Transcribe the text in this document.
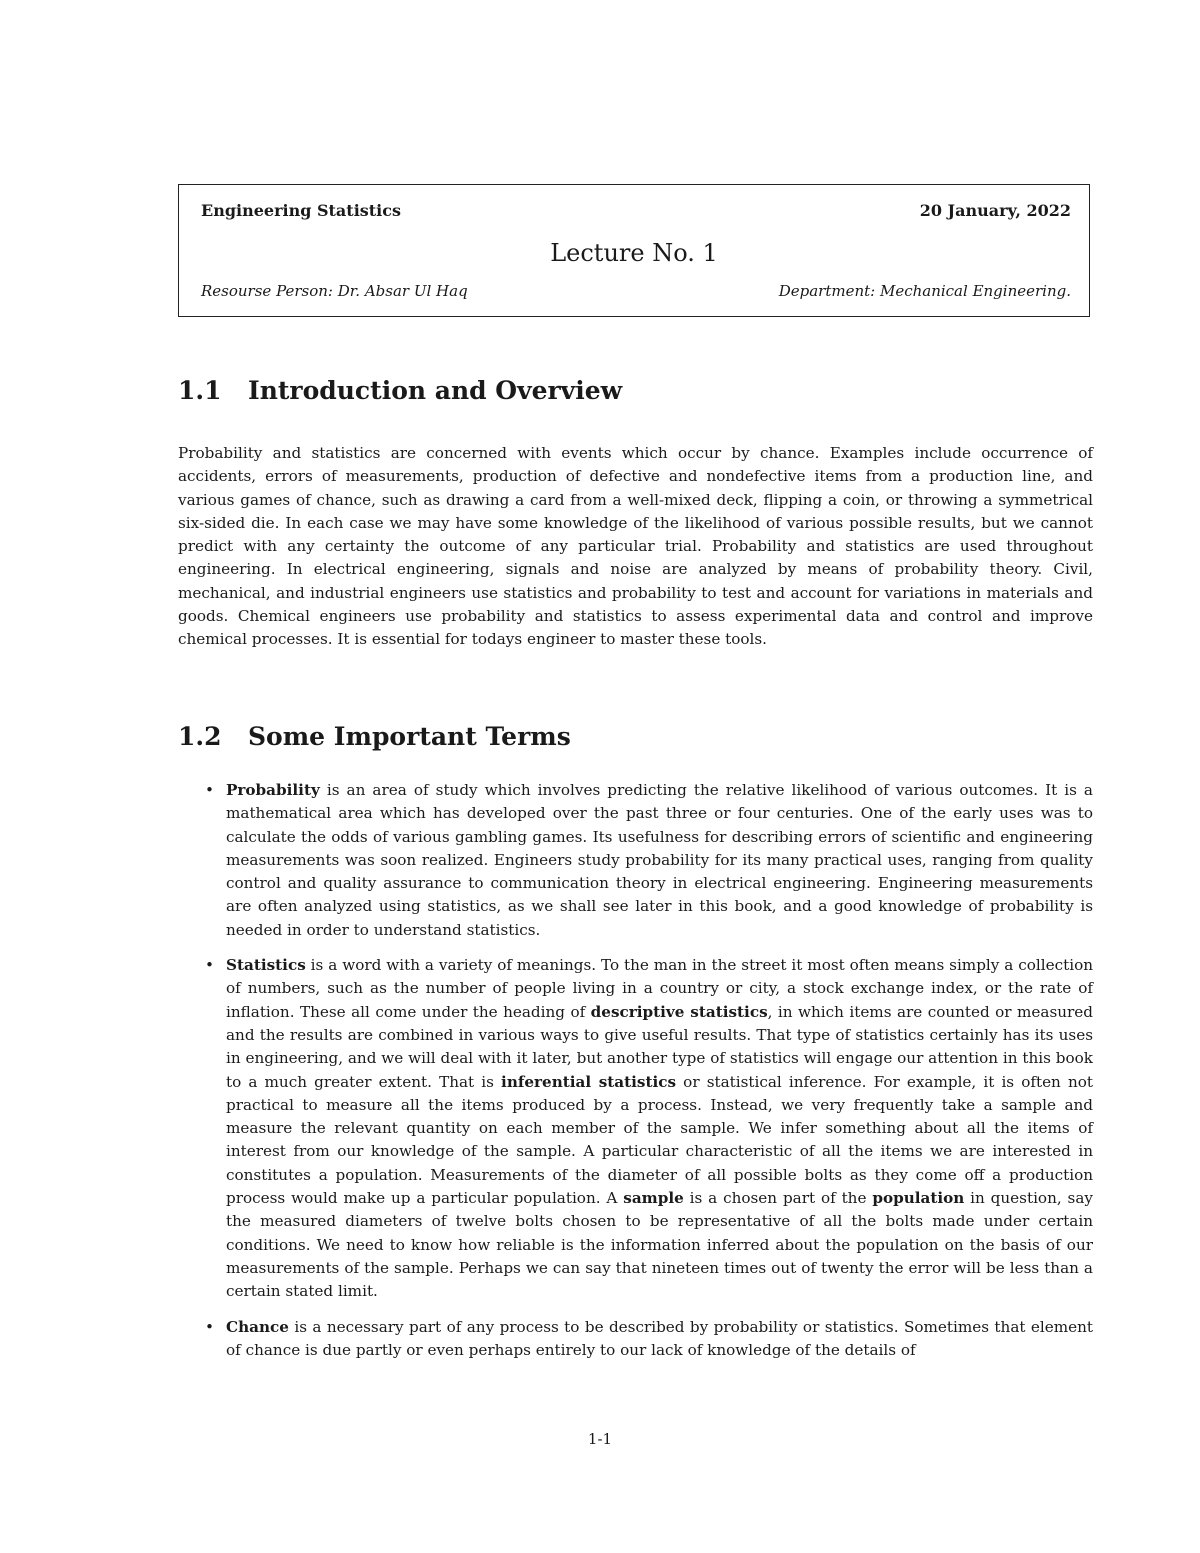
Engineering Statistics	20 January, 2022
Lecture No. 1
Resourse Person: Dr. Absar Ul Haq	Department: Mechanical Engineering.
1.1 Introduction and Overview

Probability and statistics are concerned with events which occur by chance. Examples include occurrence of accidents, errors of measurements, production of defective and nondefective items from a production line, and various games of chance, such as drawing a card from a well-mixed deck, flipping a coin, or throwing a symmetrical six-sided die. In each case we may have some knowledge of the likelihood of various possible results, but we cannot predict with any certainty the outcome of any particular trial. Probability and statistics are used throughout engineering. In electrical engineering, signals and noise are analyzed by means of probability theory. Civil, mechanical, and industrial engineers use statistics and probability to test and account for variations in materials and goods. Chemical engineers use probability and statistics to assess experimental data and control and improve chemical processes. It is essential for todays engineer to master these tools.

1.2 Some Important Terms
• Probability is an area of study which involves predicting the relative likelihood of various outcomes. It is a mathematical area which has developed over the past three or four centuries. One of the early uses was to calculate the odds of various gambling games. Its usefulness for describing errors of scientific and engineering measurements was soon realized. Engineers study probability for its many practical uses, ranging from quality control and quality assurance to communication theory in electrical engineering. Engineering measurements are often analyzed using statistics, as we shall see later in this book, and a good knowledge of probability is needed in order to understand statistics.
• Statistics is a word with a variety of meanings. To the man in the street it most often means simply a collection of numbers, such as the number of people living in a country or city, a stock exchange index, or the rate of inflation. These all come under the heading of descriptive statistics, in which items are counted or measured and the results are combined in various ways to give useful results. That type of statistics certainly has its uses in engineering, and we will deal with it later, but another type of statistics will engage our attention in this book to a much greater extent. That is inferential statistics or statistical inference. For example, it is often not practical to measure all the items produced by a process. Instead, we very frequently take a sample and measure the relevant quantity on each member of the sample. We infer something about all the items of interest from our knowledge of the sample. A particular characteristic of all the items we are interested in constitutes a population. Measurements of the diameter of all possible bolts as they come off a production process would make up a particular population. A sample is a chosen part of the population in question, say the measured diameters of twelve bolts chosen to be representative of all the bolts made under certain conditions. We need to know how reliable is the information inferred about the population on the basis of our measurements of the sample. Perhaps we can say that nineteen times out of twenty the error will be less than a certain stated limit.
• Chance is a necessary part of any process to be described by probability or statistics. Sometimes that element of chance is due partly or even perhaps entirely to our lack of knowledge of the details of
1-1
